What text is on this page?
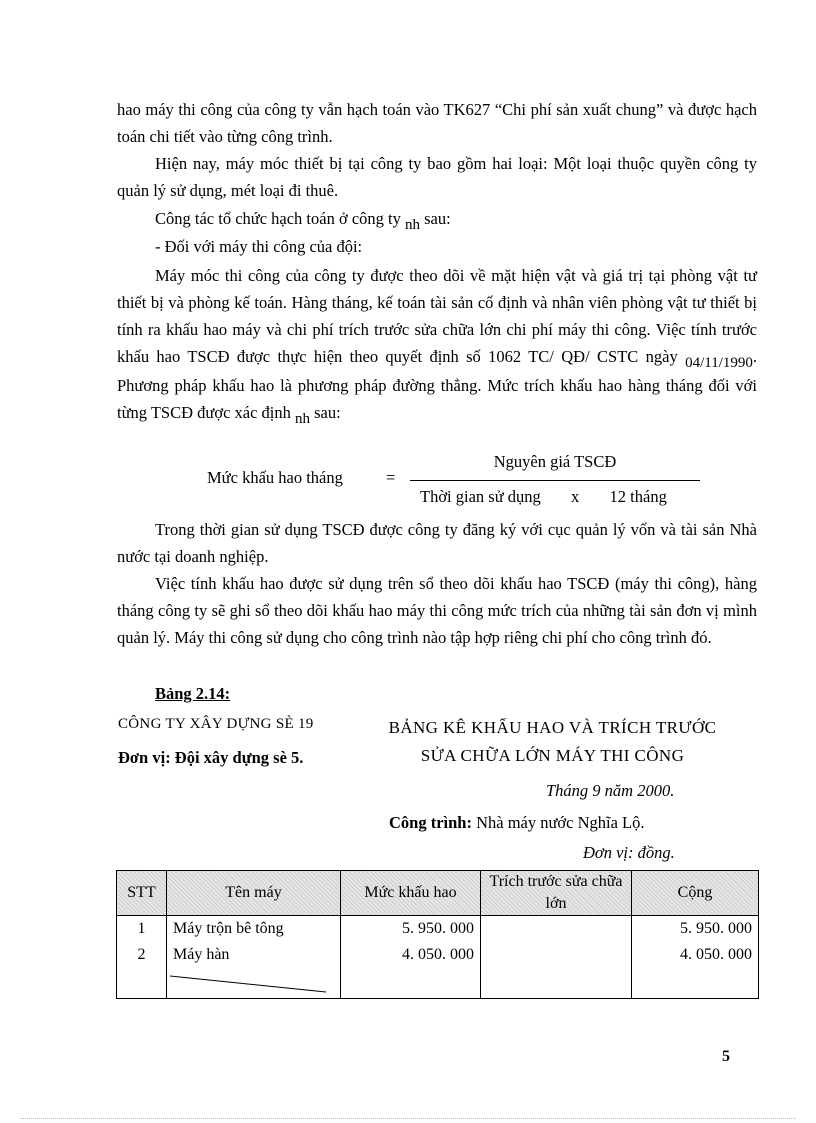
hao máy thi công của công ty vẫn hạch toán vào TK627 “Chi phí sản xuất chung” và được hạch toán chi tiết vào từng công trình.

Hiện nay, máy móc thiết bị tại công ty bao gồm hai loại: Một loại thuộc quyền công ty quản lý sử dụng, mét loại đi thuê.

Công tác tổ chức hạch toán ở công ty nh sau:
- Đối với máy thi công của đội:

Máy móc thi công của công ty được theo dõi về mặt hiện vật và giá trị tại phòng vật tư thiết bị và phòng kế toán. Hàng tháng, kế toán tài sản cố định và nhân viên phòng vật tư thiết bị tính ra khấu hao máy và chi phí trích trước sửa chữa lớn chi phí máy thi công. Việc tính trước khấu hao TSCĐ được thực hiện theo quyết định số 1062 TC/ QĐ/ CSTC ngày 04/11/1990. Phương pháp khấu hao là phương pháp đường thẳng. Mức trích khấu hao hàng tháng đối với từng TSCĐ được xác định nh sau:

Mức khấu hao tháng	=
Nguyên giá TSCĐ
Thời gian sử dụng x 12 tháng

Trong thời gian sử dụng TSCĐ được công ty đăng ký với cục quản lý vốn và tài sản Nhà nước tại doanh nghiệp.

Việc tính khấu hao được sử dụng trên sổ theo dõi khấu hao TSCĐ (máy thi công), hàng tháng công ty sẽ ghi sổ theo dõi khấu hao máy thi công mức trích của những tài sản đơn vị mình quản lý. Máy thi công sử dụng cho công trình nào tập hợp riêng chi phí cho công trình đó.

Bảng 2.14:
CÔNG TY XÂY DỰNG SÈ 19
Đơn vị: Đội xây dựng sè 5.
BẢNG KÊ KHẤU HAO VÀ TRÍCH TRƯỚC
SỬA CHỮA LỚN MÁY THI CÔNG
Tháng 9 năm 2000.
Công trình: Nhà máy nước Nghĩa Lộ.
Đơn vị: đồng.
STT	Tên máy	Mức khấu hao	Trích trước sửa chữa lớn	Cộng
1	Máy trộn bê tông	5. 950. 000		5. 950. 000
2	Máy hàn	4. 050. 000		4. 050. 000

5
